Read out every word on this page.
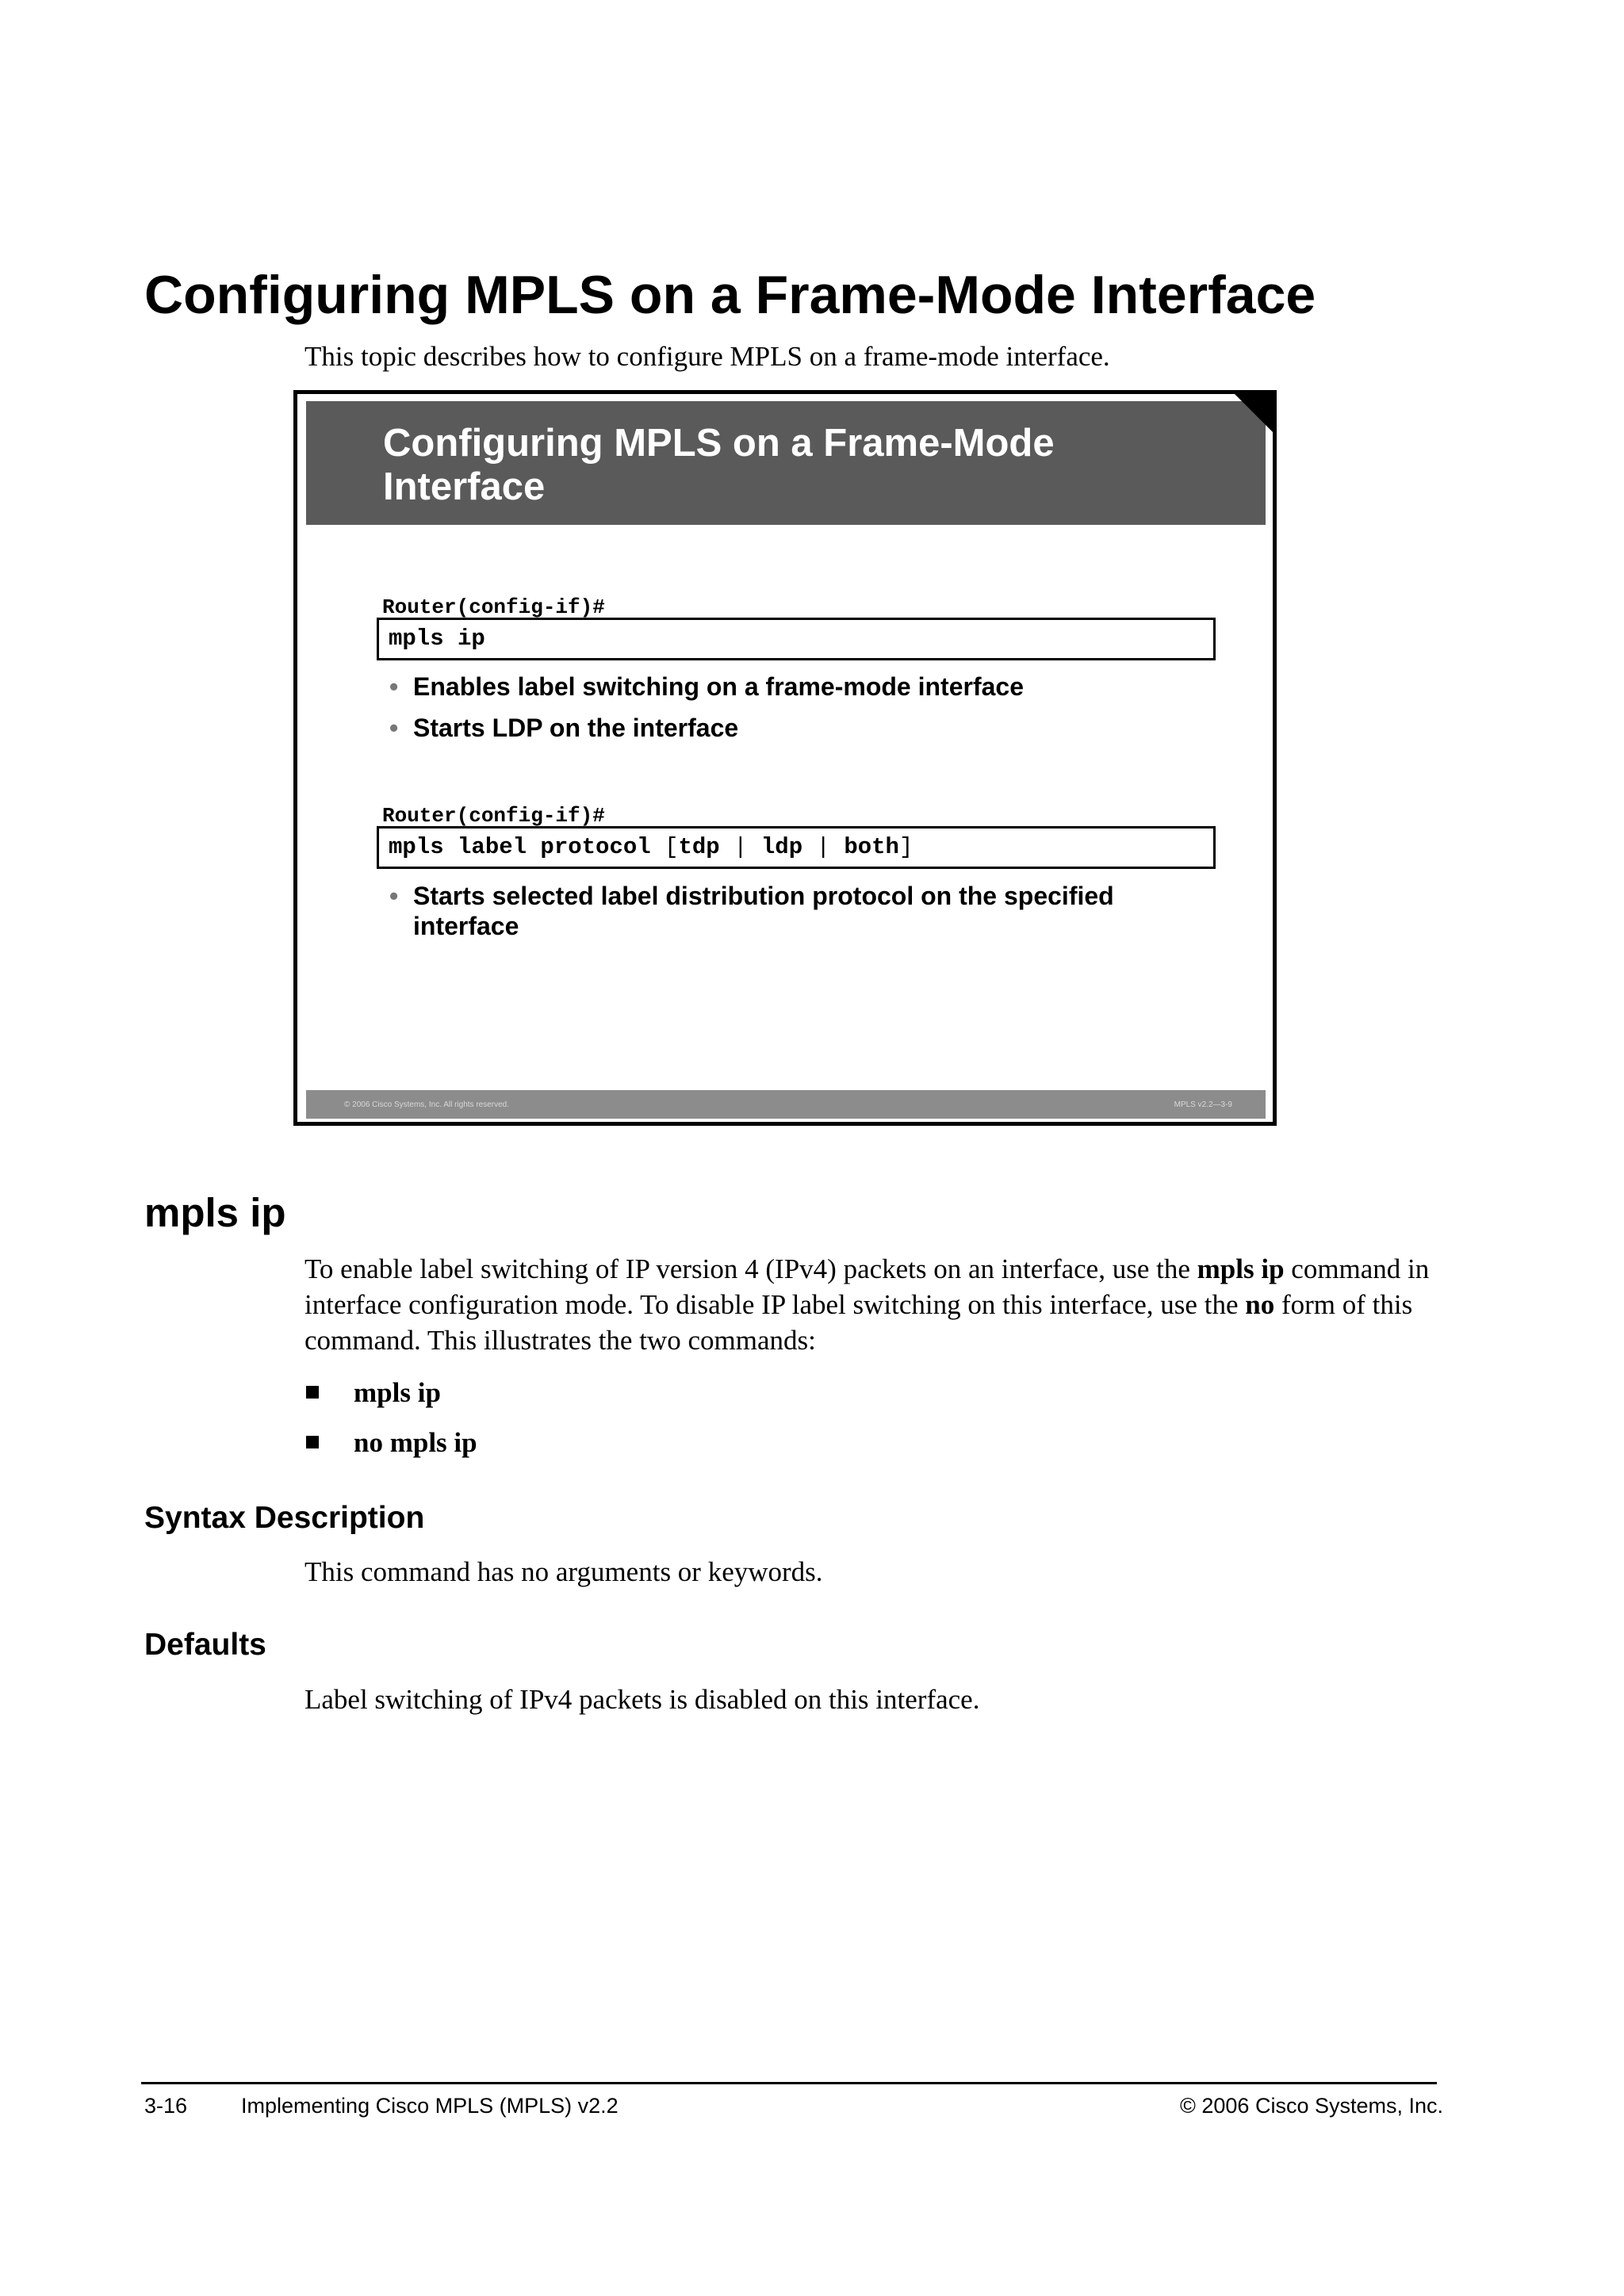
Configuring MPLS on a Frame-Mode Interface
This topic describes how to configure MPLS on a frame-mode interface.
Configuring MPLS on a Frame-Mode Interface
Router(config-if)#
mpls ip
• Enables label switching on a frame-mode interface
• Starts LDP on the interface
Router(config-if)#
mpls label protocol [tdp | ldp | both]
• Starts selected label distribution protocol on the specified interface
© 2006 Cisco Systems, Inc. All rights reserved.	MPLS v2.2—3-9
mpls ip

To enable label switching of IP version 4 (IPv4) packets on an interface, use the mpls ip command in interface configuration mode. To disable IP label switching on this interface, use the no form of this command. This illustrates the two commands:

mpls ip
no mpls ip
Syntax Description

This command has no arguments or keywords.

Defaults

Label switching of IPv4 packets is disabled on this interface.

3-16	Implementing Cisco MPLS (MPLS) v2.2	© 2006 Cisco Systems, Inc.
